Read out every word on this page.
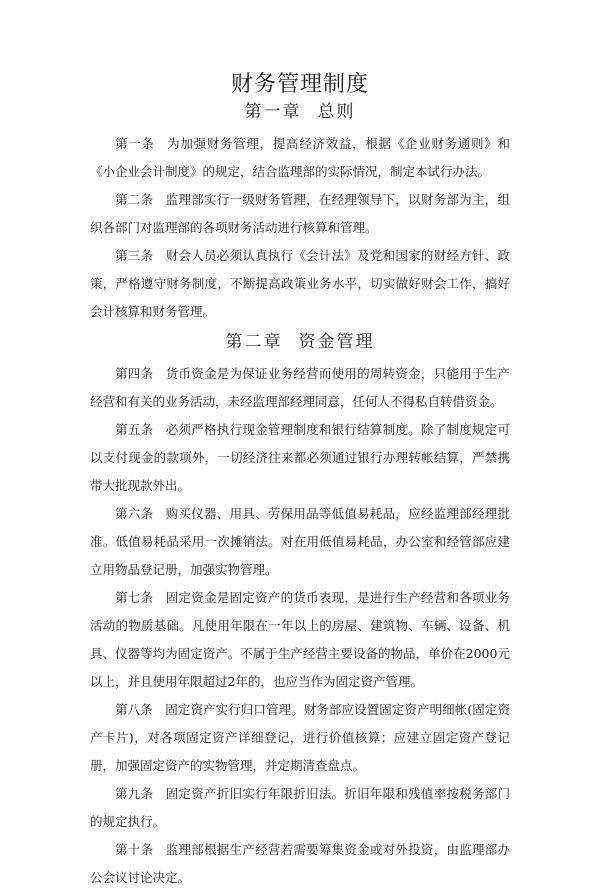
财务管理制度
第一章 总则

第一条 为加强财务管理，提高经济效益，根据《企业财务通则》和《小企业会计制度》的规定，结合监理部的实际情况，制定本试行办法。

第二条 监理部实行一级财务管理，在经理领导下，以财务部为主，组织各部门对监理部的各项财务活动进行核算和管理。

第三条 财会人员必须认真执行《会计法》及党和国家的财经方针、政策，严格遵守财务制度，不断提高政策业务水平，切实做好财会工作，搞好会计核算和财务管理。

第二章 资金管理

第四条 货币资金是为保证业务经营而使用的周转资金，只能用于生产经营和有关的业务活动，未经监理部经理同意，任何人不得私自转借资金。

第五条 必须严格执行现金管理制度和银行结算制度。除了制度规定可以支付现金的款项外，一切经济往来都必须通过银行办理转帐结算，严禁携带大批现款外出。

第六条 购买仪器、用具、劳保用品等低值易耗品，应经监理部经理批准。低值易耗品采用一次摊销法。对在用低值易耗品，办公室和经管部应建立用物品登记册，加强实物管理。

第七条 固定资金是固定资产的货币表现，是进行生产经营和各项业务活动的物质基础。凡使用年限在一年以上的房屋、建筑物、车辆、设备、机具、仪器等均为固定资产。不属于生产经营主要设备的物品，单价在2000元以上，并且使用年限超过2年的，也应当作为固定资产管理。

第八条 固定资产实行归口管理。财务部应设置固定资产明细帐(固定资产卡片)，对各项固定资产详细登记，进行价值核算；应建立固定资产登记册，加强固定资产的实物管理，并定期清查盘点。

第九条 固定资产折旧实行年限折旧法。折旧年限和残值率按税务部门的规定执行。

第十条 监理部根据生产经营若需要筹集资金或对外投资，由监理部办公会议讨论决定。
